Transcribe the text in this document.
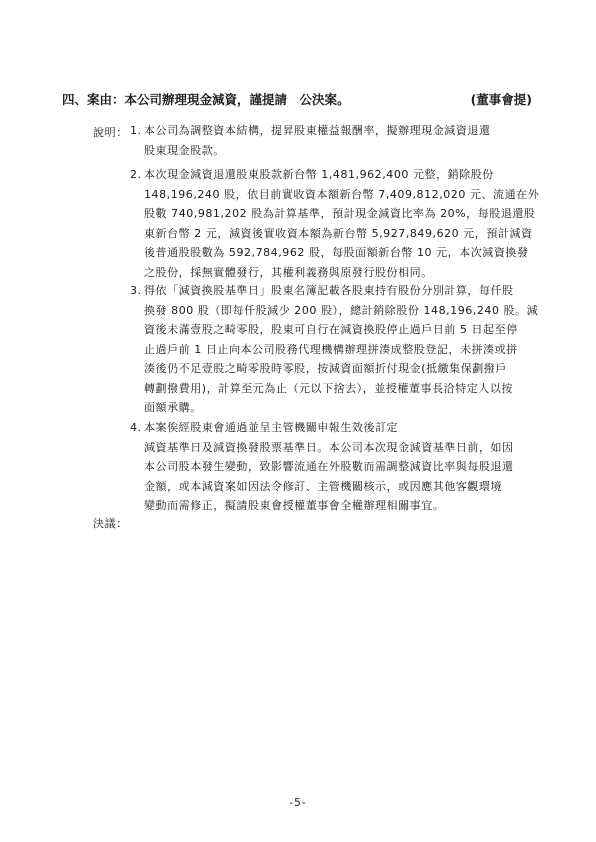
四、案由：本公司辦理現金減資，謹提請　公決案。	(董事會提)
說明： 1. 本公司為調整資本結構，提昇股東權益報酬率，擬辦理現金減資退還
股東現金股款。
2. 本次現金減資退還股東股款新台幣 1,481,962,400 元整，銷除股份
148,196,240 股，依目前實收資本額新台幣 7,409,812,020 元、流通在外
股數 740,981,202 股為計算基準，預計現金減資比率為 20%，每股退還股
東新台幣 2 元，減資後實收資本額為新台幣 5,927,849,620 元，預計減資
後普通股股數為 592,784,962 股，每股面額新台幣 10 元，本次減資換發
之股份，採無實體發行，其權利義務與原發行股份相同。
3. 得依「減資換股基準日」股東名簿記載各股東持有股份分別計算，每仟股
換發 800 股（即每仟股減少 200 股），總計銷除股份 148,196,240 股。減
資後未滿壹股之畸零股，股東可自行在減資換股停止過戶日前 5 日起至停
止過戶前 1 日止向本公司股務代理機構辦理拼湊成整股登記，未拼湊或拼
湊後仍不足壹股之畸零股時零股，按減資面額折付現金(抵繳集保劃撥戶
轉劃撥費用)，計算至元為止（元以下捨去），並授權董事長洽特定人以按
面額承購。
4. 本案俟經股東會通過並呈主管機關申報生效後訂定
減資基準日及減資換發股票基準日。本公司本次現金減資基準日前，如因
本公司股本發生變動，致影響流通在外股數而需調整減資比率與每股退還
金額，或本減資案如因法令修訂、主管機關核示，或因應其他客觀環境
變動而需修正，擬請股東會授權董事會全權辦理相關事宜。
決議：
-5-
